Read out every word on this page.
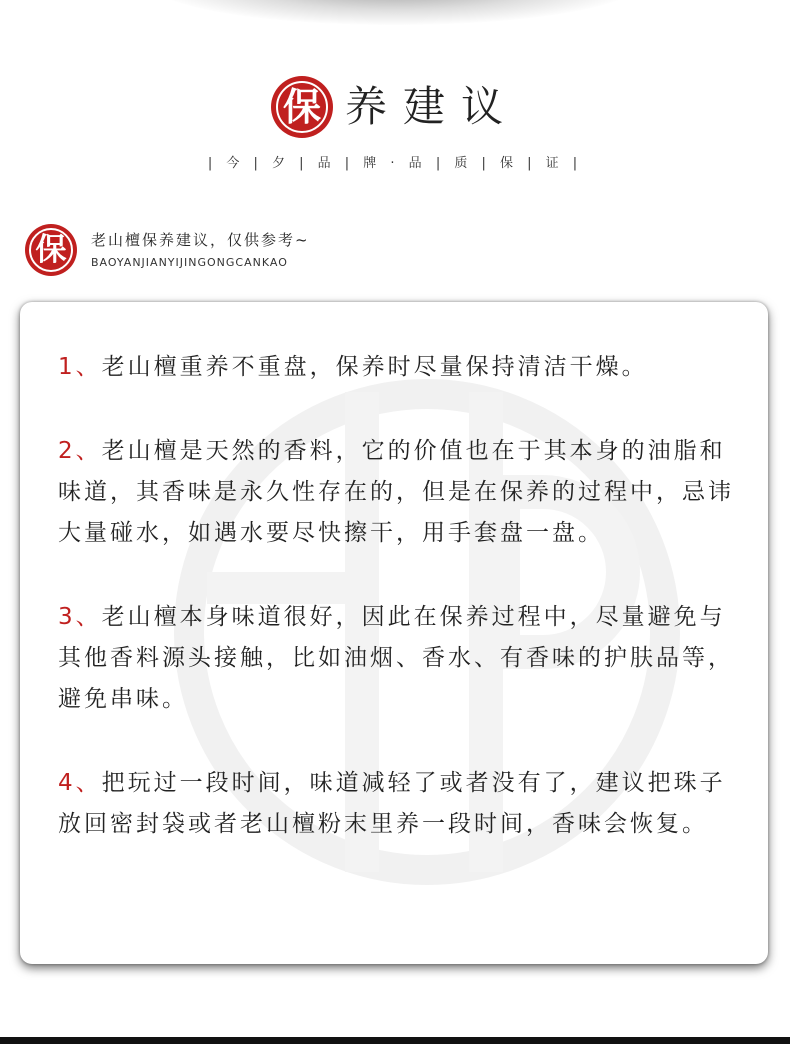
保 养建议
| 今 | 夕 | 品 | 牌 · 品 | 质 | 保 | 证 |
保 老山檀保养建议，仅供参考~
BAOYANJIANYIJINGONGCANKAO
1、老山檀重养不重盘，保养时尽量保持清洁干燥。
2、老山檀是天然的香料，它的价值也在于其本身的油脂和味道，其香味是永久性存在的，但是在保养的过程中，忌讳大量碰水，如遇水要尽快擦干，用手套盘一盘。
3、老山檀本身味道很好，因此在保养过程中，尽量避免与其他香料源头接触，比如油烟、香水、有香味的护肤品等，避免串味。
4、把玩过一段时间，味道减轻了或者没有了，建议把珠子放回密封袋或者老山檀粉末里养一段时间，香味会恢复。
